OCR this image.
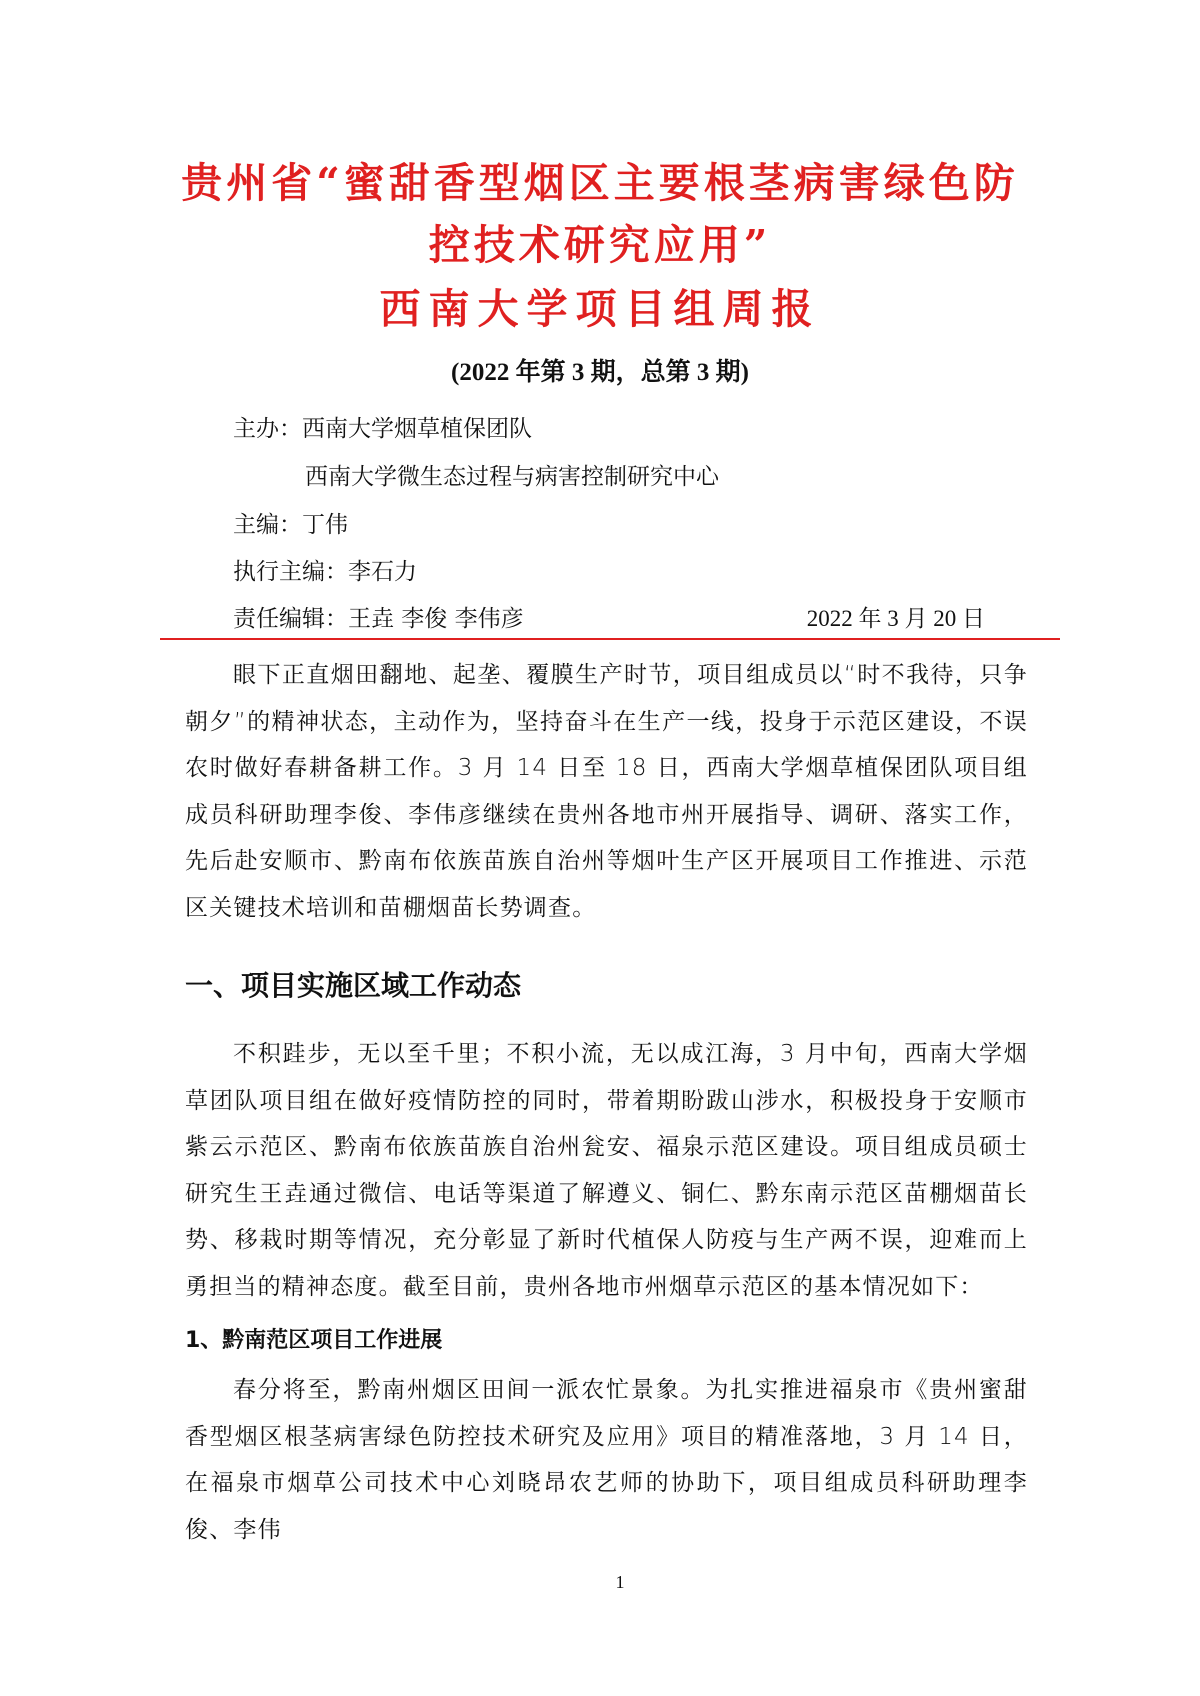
贵州省“蜜甜香型烟区主要根茎病害绿色防
控技术研究应用”
西南大学项目组周报
(2022 年第 3 期，总第 3 期)
主办：西南大学烟草植保团队
西南大学微生态过程与病害控制研究中心
主编：丁伟
执行主编：李石力
责任编辑：王垚 李俊 李伟彦	2022 年 3 月 20 日

眼下正直烟田翻地、起垄、覆膜生产时节，项目组成员以“时不我待，只争朝夕”的精神状态，主动作为，坚持奋斗在生产一线，投身于示范区建设，不误农时做好春耕备耕工作。3 月 14 日至 18 日，西南大学烟草植保团队项目组成员科研助理李俊、李伟彦继续在贵州各地市州开展指导、调研、落实工作，先后赴安顺市、黔南布依族苗族自治州等烟叶生产区开展项目工作推进、示范区关键技术培训和苗棚烟苗长势调查。

一、项目实施区域工作动态

不积跬步，无以至千里；不积小流，无以成江海，3 月中旬，西南大学烟草团队项目组在做好疫情防控的同时，带着期盼跋山涉水，积极投身于安顺市紫云示范区、黔南布依族苗族自治州瓮安、福泉示范区建设。项目组成员硕士研究生王垚通过微信、电话等渠道了解遵义、铜仁、黔东南示范区苗棚烟苗长势、移栽时期等情况，充分彰显了新时代植保人防疫与生产两不误，迎难而上勇担当的精神态度。截至目前，贵州各地市州烟草示范区的基本情况如下：

1、黔南范区项目工作进展

春分将至，黔南州烟区田间一派农忙景象。为扎实推进福泉市《贵州蜜甜香型烟区根茎病害绿色防控技术研究及应用》项目的精准落地，3 月 14 日，在福泉市烟草公司技术中心刘晓昂农艺师的协助下，项目组成员科研助理李俊、李伟

1
